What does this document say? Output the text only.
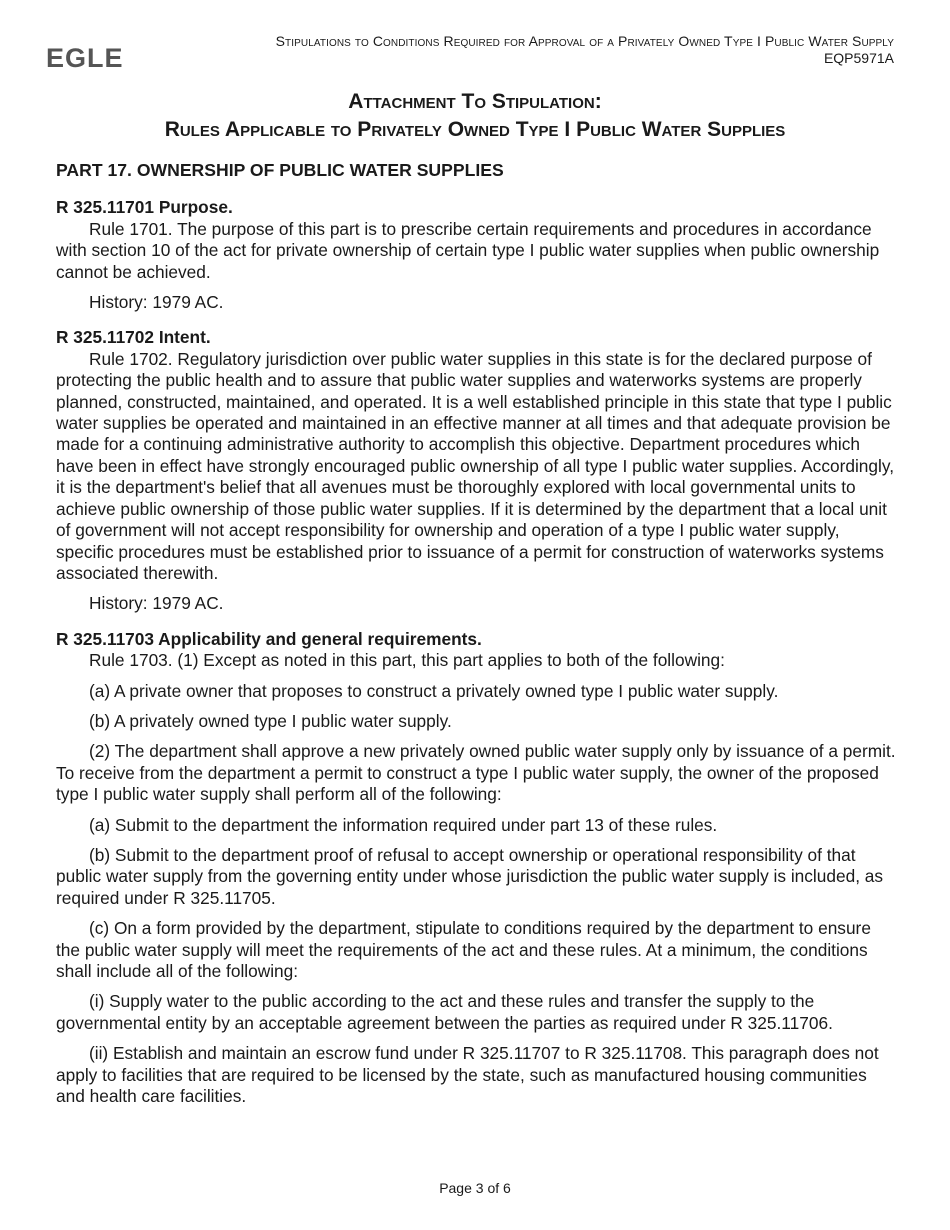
EGLE
Stipulations to Conditions Required for Approval of a Privately Owned Type I Public Water Supply
EQP5971A
Attachment To Stipulation:
Rules Applicable to Privately Owned Type I Public Water Supplies
PART 17. OWNERSHIP OF PUBLIC WATER SUPPLIES
R 325.11701 Purpose.

Rule 1701. The purpose of this part is to prescribe certain requirements and procedures in accordance with section 10 of the act for private ownership of certain type I public water supplies when public ownership cannot be achieved.

History: 1979 AC.

R 325.11702 Intent.

Rule 1702. Regulatory jurisdiction over public water supplies in this state is for the declared purpose of protecting the public health and to assure that public water supplies and waterworks systems are properly planned, constructed, maintained, and operated. It is a well established principle in this state that type I public water supplies be operated and maintained in an effective manner at all times and that adequate provision be made for a continuing administrative authority to accomplish this objective. Department procedures which have been in effect have strongly encouraged public ownership of all type I public water supplies. Accordingly, it is the department's belief that all avenues must be thoroughly explored with local governmental units to achieve public ownership of those public water supplies. If it is determined by the department that a local unit of government will not accept responsibility for ownership and operation of a type I public water supply, specific procedures must be established prior to issuance of a permit for construction of waterworks systems associated therewith.

History: 1979 AC.

R 325.11703 Applicability and general requirements.

Rule 1703. (1) Except as noted in this part, this part applies to both of the following:

(a) A private owner that proposes to construct a privately owned type I public water supply.

(b) A privately owned type I public water supply.

(2) The department shall approve a new privately owned public water supply only by issuance of a permit. To receive from the department a permit to construct a type I public water supply, the owner of the proposed type I public water supply shall perform all of the following:

(a) Submit to the department the information required under part 13 of these rules.

(b) Submit to the department proof of refusal to accept ownership or operational responsibility of that public water supply from the governing entity under whose jurisdiction the public water supply is included, as required under R 325.11705.

(c) On a form provided by the department, stipulate to conditions required by the department to ensure the public water supply will meet the requirements of the act and these rules. At a minimum, the conditions shall include all of the following:

(i) Supply water to the public according to the act and these rules and transfer the supply to the governmental entity by an acceptable agreement between the parties as required under R 325.11706.

(ii) Establish and maintain an escrow fund under R 325.11707 to R 325.11708. This paragraph does not apply to facilities that are required to be licensed by the state, such as manufactured housing communities and health care facilities.

Page 3 of 6
